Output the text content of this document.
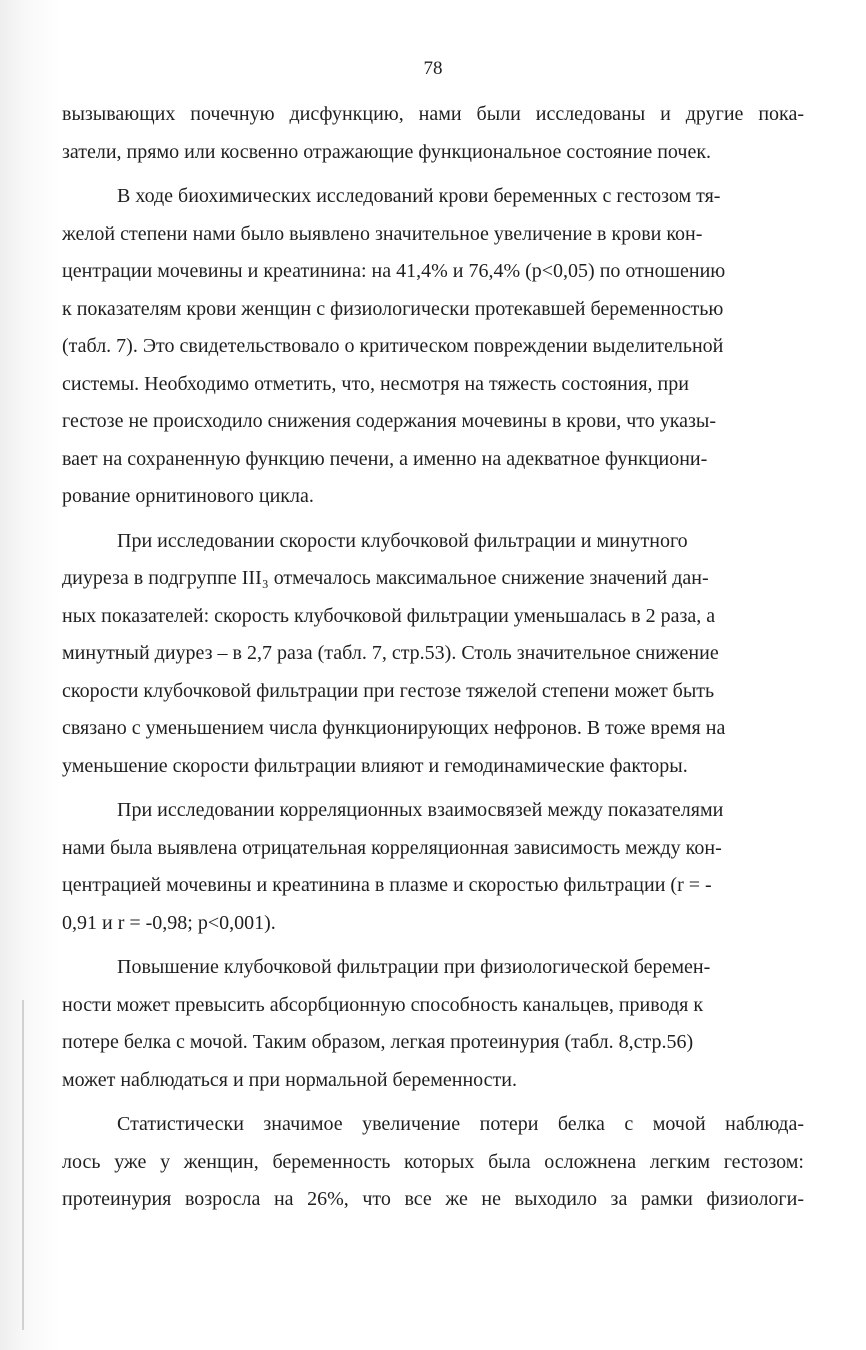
78

вызывающих почечную дисфункцию, нами были исследованы и другие пока-
затели, прямо или косвенно отражающие функциональное состояние почек.

В ходе биохимических исследований крови беременных с гестозом тя-
желой степени нами было выявлено значительное увеличение в крови кон-
центрации мочевины и креатинина: на 41,4% и 76,4% (p<0,05) по отношению
к показателям крови женщин с физиологически протекавшей беременностью
(табл. 7). Это свидетельствовало о критическом повреждении выделительной
системы. Необходимо отметить, что, несмотря на тяжесть состояния, при
гестозе не происходило снижения содержания мочевины в крови, что указы-
вает на сохраненную функцию печени, а именно на адекватное функциони-
рование орнитинового цикла.

При исследовании скорости клубочковой фильтрации и минутного
диуреза в подгруппе III₃ отмечалось максимальное снижение значений дан-
ных показателей: скорость клубочковой фильтрации уменьшалась в 2 раза, а
минутный диурез – в 2,7 раза (табл. 7, стр.53). Столь значительное снижение
скорости клубочковой фильтрации при гестозе тяжелой степени может быть
связано с уменьшением числа функционирующих нефронов. В тоже время на
уменьшение скорости фильтрации влияют и гемодинамические факторы.

При исследовании корреляционных взаимосвязей между показателями
нами была выявлена отрицательная корреляционная зависимость между кон-
центрацией мочевины и креатинина в плазме и скоростью фильтрации (r = -
0,91 и r = -0,98; p<0,001).

Повышение клубочковой фильтрации при физиологической беремен-
ности может превысить абсорбционную способность канальцев, приводя к
потере белка с мочой. Таким образом, легкая протеинурия (табл. 8,стр.56)
может наблюдаться и при нормальной беременности.

Статистически значимое увеличение потери белка с мочой наблюда-
лось уже у женщин, беременность которых была осложнена легким гестозом:
протеинурия возросла на 26%, что все же не выходило за рамки физиологи-
